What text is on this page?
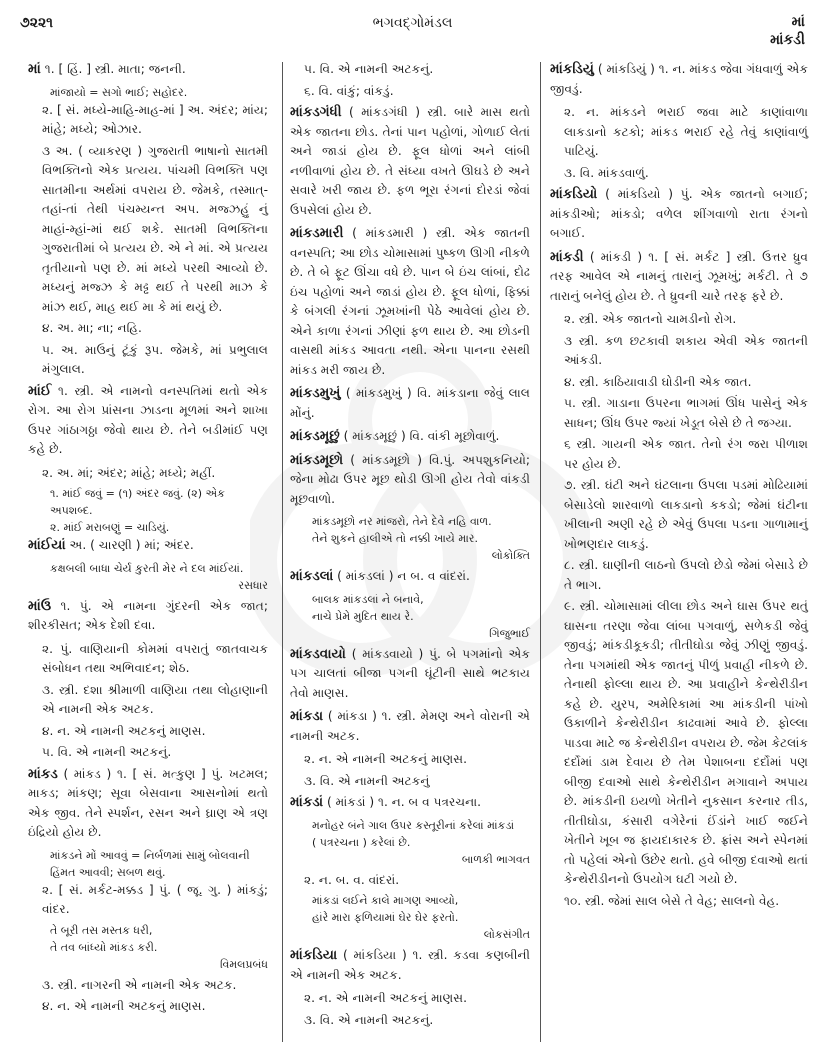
૭૨૨૧	ભગવદ્ગોમંડલ	માં
માંકડી
માં ૧. [ હિં. ] સ્ત્રી. માતા; જનની.
માંજાયો = સગો ભાઈ; સહોદર.
૨. [ સં. મધ્યે-માહિ-માહ-માં ] અ. અંદર; માંય; માંહે; મધ્યે; ઓઝાર.
૩ અ. ( વ્યાકરણ ) ગુજરાતી ભાષાનો સાતમી વિભક્તિનો એક પ્રત્યય. પાંચમી વિભક્તિ પણ સાતમીના અર્થમાં વપરાય છે. જેમકે, તસ્માત્-તહાં-તાં તેથી પંચમ્યન્ત અપ. મજ્ઝહું નું માહાં-મ્હાં-માં થઈ શકે. સાતમી વિભક્તિના ગુજરાતીમાં બે પ્રત્યય છે. એ ને માં. એ પ્રત્યય તૃતીયાનો પણ છે. માં મધ્યે પરથી આવ્યો છે. મધ્યનું મજ્ઝ કે મઢ્ઢ થઈ તે પરથી માઝ કે માંઝ થઈ, માહ થઈ મા કે માં થયું છે.
૪. અ. મા; ના; નહિ.
૫. અ. માઉનું ટૂંકું રૂપ. જેમકે, માં પ્રભુલાલ મંગુલાલ.
માંઈ ૧. સ્ત્રી. એ નામનો વનસ્પતિમાં થતો એક રોગ. આ રોગ પ્રાંસના ઝાડના મૂળમાં અને શાખા ઉપર ગાંઠાગઠ્ઠા જેવો થાય છે. તેને બડીમાંઈ પણ કહે છે.
૨. અ. માં; અંદર; માંહે; મધ્યે; મહીં.
૧. માંઈ જવું = (૧) અંદર જવું. (૨) એક અપશબ્દ.
૨. માંઈ મરાબણું = ચાડિયું.
માંઈયાં અ. ( ચારણી ) માં; અંદર.
કક્ષબલી બાધા ચેર્ય કુરતી મેર ને દલ માંઈયાં.
રસધાર
માંઉ ૧. પું. એ નામના ગુંદરની એક જાત; શીરકીસત; એક દેશી દવા.
૨. પું. વાણિયાની કોમમાં વપરાતું જાતવાચક સંબોધન તથા અભિવાદન; શેઠ.
૩. સ્ત્રી. દશા શ્રીમાળી વાણિયા તથા લોહાણાની એ નામની એક અટક.
૪. ન. એ નામની અટકનું માણસ.
૫. વિ. એ નામની અટકનું.
માંકડ ( માંકડ ) ૧. [ સં. મત્કુણ ] પું. ખટમલ; માકડ; માંકણ; સૂવા બેસવાના આસનોમાં થતો એક જીવ. તેને સ્પર્શન, રસન અને ઘ્રાણ એ ત્રણ ઇંદ્રિયો હોય છે.
માંકડને મોં આવવું = નિર્બળમાં સામું બોલવાની હિંમત આવવી; સબળ થવું.
૨. [ સં. મર્કટ-મક્કડ ] પું. ( જૂ. ગુ. ) માંકડું; વાંદર.
તે બૂરી તસ મસ્તક ધરી,
તે તવ બાંધ્યો માંકડ કરી.
વિમલપ્રબંધ
૩. સ્ત્રી. નાગરની એ નામની એક અટક.
૪. ન. એ નામની અટકનું માણસ.
૫. વિ. એ નામની અટકનું.
૬. વિ. વાંકું; વાંકડું.
માંકડગંધી ( માંકડગંધી ) સ્ત્રી. બારે માસ થતો એક જાતના છોડ. તેનાં પાન પહોળાં, ગોળાઈ લેતાં અને જાડાં હોય છે. ફૂલ ધોળાં અને લાંબી નળીવાળાં હોય છે. તે સંધ્યા વખતે ઊઘડે છે અને સવારે ખરી જાય છે. ફળ ભૂરા રંગનાં દોરડાં જેવાં ઉપસેલાં હોય છે.
માંકડમારી ( માંકડમારી ) સ્ત્રી. એક જાતની વનસ્પતિ; આ છોડ ચોમાસામાં પુષ્કળ ઊગી નીકળે છે. તે બે ફૂટ ઊંચા વધે છે. પાન બે ઇંચ લાંબાં, દોઢ ઇંચ પહોળાં અને જાડાં હોય છે. ફૂલ ધોળાં, ફિક્કાં કે બંગલી રંગનાં ઝૂમખાંની પેઠે આવેલાં હોય છે. એને કાળા રંગનાં ઝીણાં ફળ થાય છે. આ છોડની વાસથી માંકડ આવતા નથી. એના પાનના રસથી માંકડ મરી જાય છે.
માંકડમુખું ( માંકડમુખું ) વિ. માંકડાના જેવું લાલ મોંનું.
માંકડમૂછું ( માંકડમૂછું ) વિ. વાંકી મૂછોવાળું.
માંકડમૂછો ( માંકડમૂછો ) વિ.પું. અપશુકનિયો; જેના મોઢા ઉપર મૂછ થોડી ઊગી હોય તેવો વાંકડી મૂછવાળો.
માંકડમૂછો નર માંજરો, તેને દેવે નહિ વાળ.
તેને શુકને હાલીએ તો નક્કી ખાયે માર.
લોકોક્તિ
માંકડલાં ( માંકડલાં ) ન બ. વ વાંદરાં.
બાલક માંકડલાં ને બનાવે,
નાચે પ્રેમે મુદિત થાય રે.
ગિજુભાઈ
માંકડવાયો ( માંકડવાયો ) પું. બે પગમાંનો એક પગ ચાલતાં બીજા પગની ઘૂંટીની સાથે ભટકાય તેવો માણસ.
માંકડા ( માંકડા ) ૧. સ્ત્રી. મેમણ અને વોરાની એ નામની અટક.
૨. ન. એ નામની અટકનું માણસ.
૩. વિ. એ નામની અટકનું
માંકડાં ( માંકડાં ) ૧. ન. બ વ પત્રરચના.
મનોહર બંને ગાલ ઉપર કસ્તૂરીનાં કરેલાં માંકડાં
( પત્રરચના ) કરેલાં છે.
બાળકી ભાગવત
૨. ન. બ. વ. વાંદરાં.
માંકડાં લઈને કાલે માગણ આવ્યો,
હાંરે મારા ફળિયામાં ઘેર ઘેર ફરતો.
લોકસંગીત
માંકડિયા ( માંકડિયા ) ૧. સ્ત્રી. કડવા કણબીની એ નામની એક અટક.
૨. ન. એ નામની અટકનું માણસ.
૩. વિ. એ નામની અટકનું.
માંકડિયું ( માંકડિયું ) ૧. ન. માંકડ જેવા ગંધવાળું એક જીવડું.
૨. ન. માંકડને ભરાઈ જવા માટે કાણાંવાળા લાકડાનો કટકો; માંકડ ભરાઈ રહે તેવું કાણાંવાળું પાટિયું.
૩. વિ. માંકડવાળું.
માંકડિયો ( માંકડિયો ) પું. એક જાતનો બગાઈ; માંકડીઓ; માંકડો; વળેલ શીંગવાળો રાતા રંગનો બગાઈ.
માંકડી ( માંકડી ) ૧. [ સં. મર્કટ ] સ્ત્રી. ઉત્તર ધ્રુવ તરફ આવેલ એ નામનું તારાનું ઝૂમખું; મર્કટી. તે ૭ તારાનું બનેલું હોય છે. તે ધ્રુવની ચારે તરફ ફરે છે.
૨. સ્ત્રી. એક જાતનો ચામડીનો રોગ.
૩ સ્ત્રી. કળ છટકાવી શકાય એવી એક જાતની આંકડી.
૪. સ્ત્રી. કાઠિયાવાડી ઘોડીની એક જાત.
૫. સ્ત્રી. ગાડાના ઉપરના ભાગમાં ઊંધ પાસેનું એક સાધન; ઊંધ ઉપર જ્યાં ખેડૂત બેસે છે તે જગ્યા.
૬ સ્ત્રી. ગાયની એક જાત. તેનો રંગ જરા પીળાશ પર હોય છે.
૭. સ્ત્રી. ઘંટી અને ઘંટલાના ઉપલા પડમાં મોઢિયામાં બેસાડેલો શારવાળો લાકડાનો કકડો; જેમાં ઘંટીના ખીલાની અણી રહે છે એવું ઉપલા પડના ગાળામાનું ખોભણદાર લાકડું.
૮. સ્ત્રી. ઘાણીની લાઠનો ઉપલો છેડો જેમાં બેસાડે છે તે ભાગ.
૯. સ્ત્રી. ચોમાસામાં લીલા છોડ અને ઘાસ ઉપર થતું ઘાસના તરણા જેવા લાંબા પગવાળું, સળેકડી જેવું જીવડું; માંકડીકૂકડી; તીતીઘોડા જેવું ઝીણું જીવડું. તેના પગમાંથી એક જાતનું પીળું પ્રવાહી નીકળે છે. તેનાથી ફોલ્લા થાય છે. આ પ્રવાહીને કેન્થેરીડીન કહે છે. યુરપ, અમેરિકામાં આ માંકડીની પાંખો ઉકાળીને કેન્થેરીડીન કાઢવામાં આવે છે. ફોલ્લા પાડવા માટે જ કેન્થેરીડીન વપરાય છે. જેમ કેટલાંક દર્દોમાં ડામ દેવાય છે તેમ પેશાબના દર્દોમાં પણ બીજી દવાઓ સાથે કેન્થેરીડીન મગાવાને અપાય છે. માંકડીની ઇયળો ખેતીને નુકસાન કરનાર તીડ, તીતીઘોડા, કંસારી વગેરેનાં ઈંડાંને ખાઈ જઈને ખેતીને ખૂબ જ ફાયદાકારક છે. ફ્રાંસ અને સ્પેનમાં તો પહેલાં એનો ઉછેર થતો. હવે બીજી દવાઓ થતાં કેન્થેરીડીનનો ઉપયોગ ઘટી ગયો છે.
૧૦. સ્ત્રી. જેમાં સાલ બેસે તે વેહ; સાલનો વેહ.
